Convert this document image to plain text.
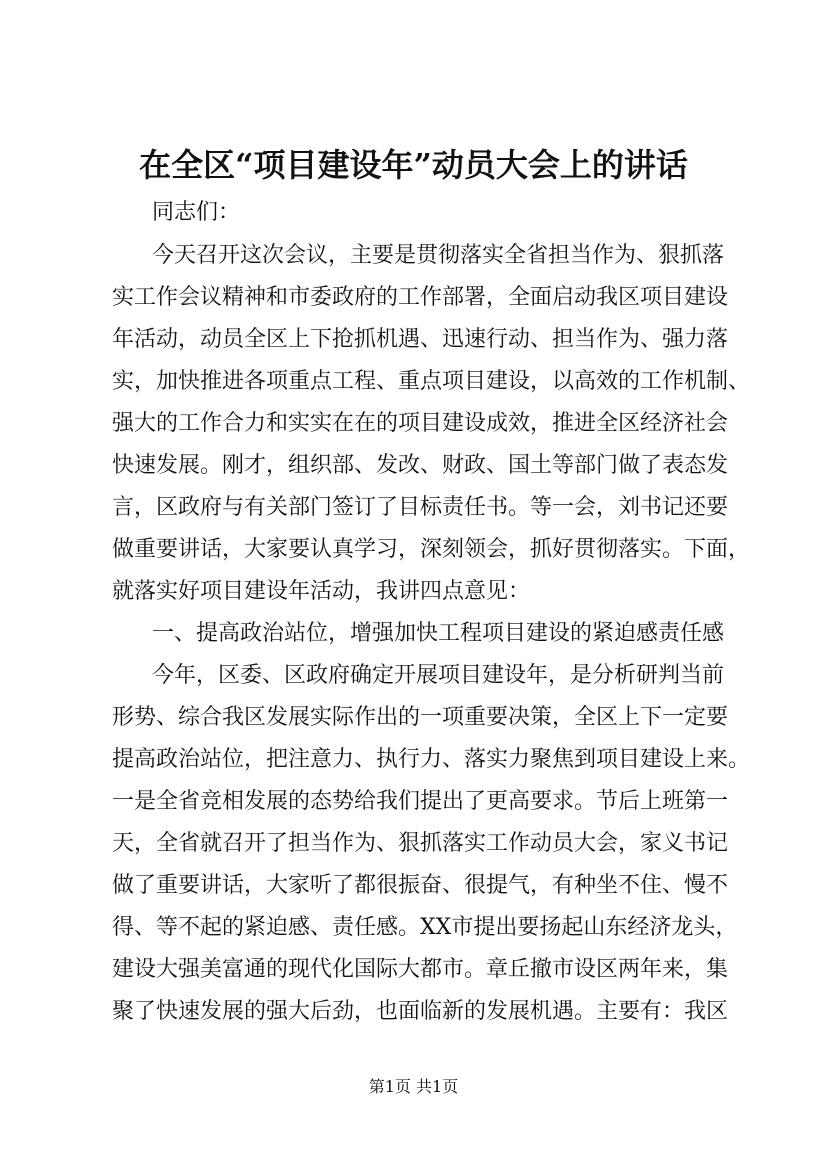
在全区“项目建设年”动员大会上的讲话
同志们：
今天召开这次会议，主要是贯彻落实全省担当作为、狠抓落
实工作会议精神和市委政府的工作部署，全面启动我区项目建设
年活动，动员全区上下抢抓机遇、迅速行动、担当作为、强力落
实，加快推进各项重点工程、重点项目建设，以高效的工作机制、
强大的工作合力和实实在在的项目建设成效，推进全区经济社会
快速发展。刚才，组织部、发改、财政、国土等部门做了表态发
言，区政府与有关部门签订了目标责任书。等一会，刘书记还要
做重要讲话，大家要认真学习，深刻领会，抓好贯彻落实。下面，
就落实好项目建设年活动，我讲四点意见：
一、提高政治站位，增强加快工程项目建设的紧迫感责任感
今年，区委、区政府确定开展项目建设年，是分析研判当前
形势、综合我区发展实际作出的一项重要决策，全区上下一定要
提高政治站位，把注意力、执行力、落实力聚焦到项目建设上来。
一是全省竞相发展的态势给我们提出了更高要求。节后上班第一
天，全省就召开了担当作为、狠抓落实工作动员大会，家义书记
做了重要讲话，大家听了都很振奋、很提气，有种坐不住、慢不
得、等不起的紧迫感、责任感。XX市提出要扬起山东经济龙头，
建设大强美富通的现代化国际大都市。章丘撤市设区两年来，集
聚了快速发展的强大后劲，也面临新的发展机遇。主要有：我区
第1页 共1页
